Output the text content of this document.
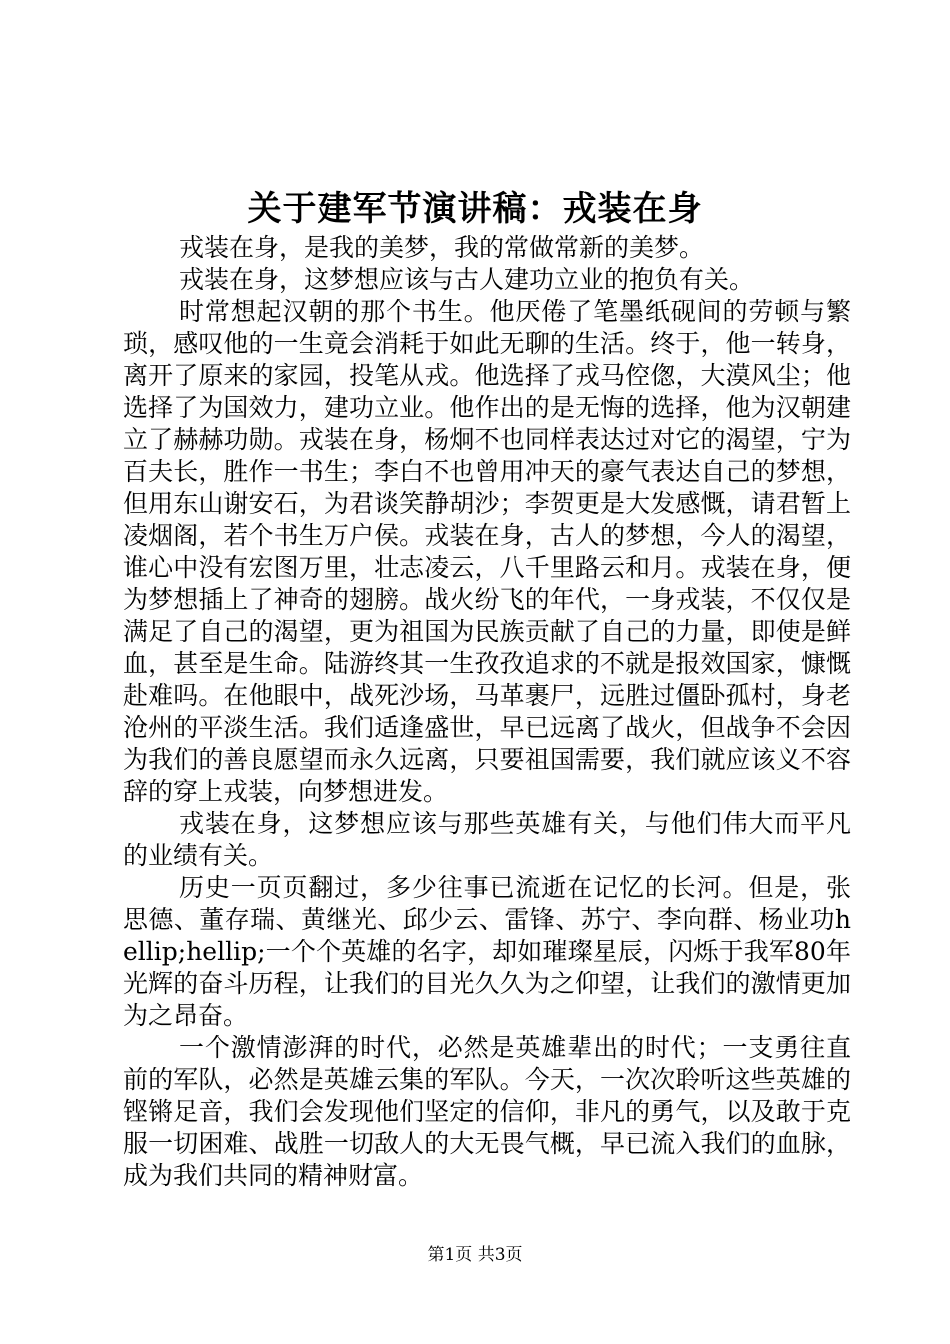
关于建军节演讲稿：戎装在身

戎装在身，是我的美梦，我的常做常新的美梦。

戎装在身，这梦想应该与古人建功立业的抱负有关。

时常想起汉朝的那个书生。他厌倦了笔墨纸砚间的劳顿与繁琐，感叹他的一生竟会消耗于如此无聊的生活。终于，他一转身，离开了原来的家园，投笔从戎。他选择了戎马倥偬，大漠风尘；他选择了为国效力，建功立业。他作出的是无悔的选择，他为汉朝建立了赫赫功勋。戎装在身，杨炯不也同样表达过对它的渴望，宁为百夫长，胜作一书生；李白不也曾用冲天的豪气表达自己的梦想，但用东山谢安石，为君谈笑静胡沙；李贺更是大发感慨，请君暂上凌烟阁，若个书生万户侯。戎装在身，古人的梦想，今人的渴望，谁心中没有宏图万里，壮志凌云，八千里路云和月。戎装在身，便为梦想插上了神奇的翅膀。战火纷飞的年代，一身戎装，不仅仅是满足了自己的渴望，更为祖国为民族贡献了自己的力量，即使是鲜血，甚至是生命。陆游终其一生孜孜追求的不就是报效国家，慷慨赴难吗。在他眼中，战死沙场，马革裹尸，远胜过僵卧孤村，身老沧州的平淡生活。我们适逢盛世，早已远离了战火，但战争不会因为我们的善良愿望而永久远离，只要祖国需要，我们就应该义不容辞的穿上戎装，向梦想进发。

戎装在身，这梦想应该与那些英雄有关，与他们伟大而平凡的业绩有关。

历史一页页翻过，多少往事已流逝在记忆的长河。但是，张思德、董存瑞、黄继光、邱少云、雷锋、苏宁、李向群、杨业功hellip;hellip;一个个英雄的名字，却如璀璨星辰，闪烁于我军80年光辉的奋斗历程，让我们的目光久久为之仰望，让我们的激情更加为之昂奋。

一个激情澎湃的时代，必然是英雄辈出的时代；一支勇往直前的军队，必然是英雄云集的军队。今天，一次次聆听这些英雄的铿锵足音，我们会发现他们坚定的信仰，非凡的勇气，以及敢于克服一切困难、战胜一切敌人的大无畏气概，早已流入我们的血脉，成为我们共同的精神财富。

第1页 共3页
